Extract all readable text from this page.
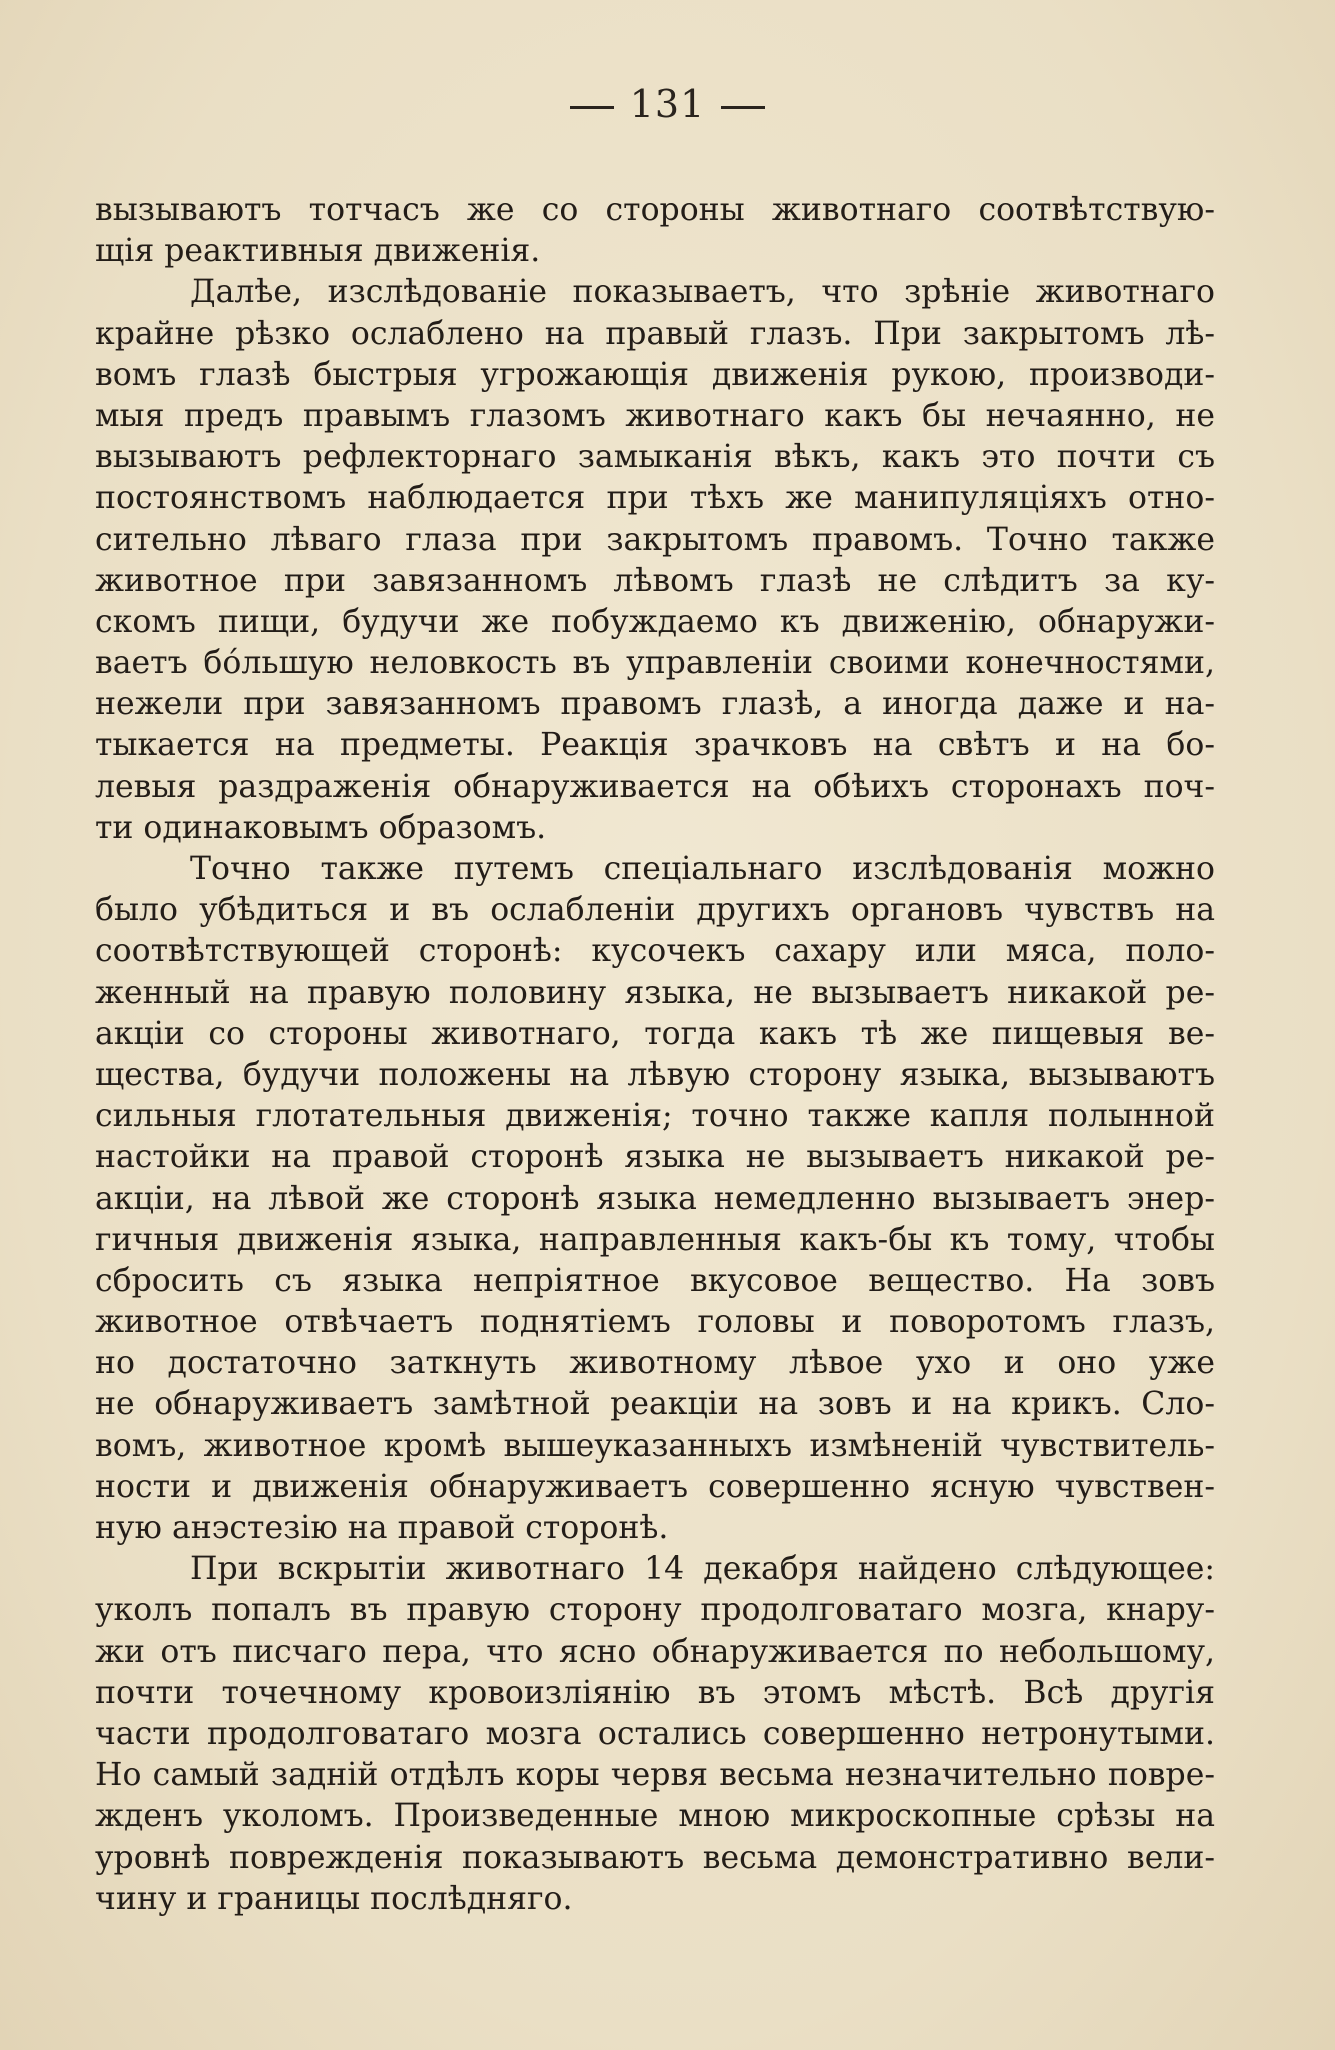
131
вызываютъ тотчасъ же со стороны животнаго соотвѣтствую-
щія реактивныя движенія.
Далѣе, изслѣдованіе показываетъ, что зрѣніе животнаго
крайне рѣзко ослаблено на правый глазъ. При закрытомъ лѣ-
вомъ глазѣ быстрыя угрожающія движенія рукою, производи-
мыя предъ правымъ глазомъ животнаго какъ бы нечаянно, не
вызываютъ рефлекторнаго замыканія вѣкъ, какъ это почти съ
постоянствомъ наблюдается при тѣхъ же манипуляціяхъ отно-
сительно лѣваго глаза при закрытомъ правомъ. Точно также
животное при завязанномъ лѣвомъ глазѣ не слѣдитъ за ку-
скомъ пищи, будучи же побуждаемо къ движенію, обнаружи-
ваетъ бо́льшую неловкость въ управленіи своими конечностями,
нежели при завязанномъ правомъ глазѣ, а иногда даже и на-
тыкается на предметы. Реакція зрачковъ на свѣтъ и на бо-
левыя раздраженія обнаруживается на обѣихъ сторонахъ поч-
ти одинаковымъ образомъ.
Точно также путемъ спеціальнаго изслѣдованія можно
было убѣдиться и въ ослабленіи другихъ органовъ чувствъ на
соотвѣтствующей сторонѣ: кусочекъ сахару или мяса, поло-
женный на правую половину языка, не вызываетъ никакой ре-
акціи со стороны животнаго, тогда какъ тѣ же пищевыя ве-
щества, будучи положены на лѣвую сторону языка, вызываютъ
сильныя глотательныя движенія; точно также капля полынной
настойки на правой сторонѣ языка не вызываетъ никакой ре-
акціи, на лѣвой же сторонѣ языка немедленно вызываетъ энер-
гичныя движенія языка, направленныя какъ-бы къ тому, чтобы
сбросить съ языка непріятное вкусовое вещество. На зовъ
животное отвѣчаетъ поднятіемъ головы и поворотомъ глазъ,
но достаточно заткнуть животному лѣвое ухо и оно уже
не обнаруживаетъ замѣтной реакціи на зовъ и на крикъ. Сло-
вомъ, животное кромѣ вышеуказанныхъ измѣненій чувствитель-
ности и движенія обнаруживаетъ совершенно ясную чувствен-
ную анэстезію на правой сторонѣ.
При вскрытіи животнаго 14 декабря найдено слѣдующее:
уколъ попалъ въ правую сторону продолговатаго мозга, кнару-
жи отъ писчаго пера, что ясно обнаруживается по небольшому,
почти точечному кровоизліянію въ этомъ мѣстѣ. Всѣ другія
части продолговатаго мозга остались совершенно нетронутыми.
Но самый задній отдѣлъ коры червя весьма незначительно повре-
жденъ уколомъ. Произведенные мною микроскопные срѣзы на
уровнѣ поврежденія показываютъ весьма демонстративно вели-
чину и границы послѣдняго.
